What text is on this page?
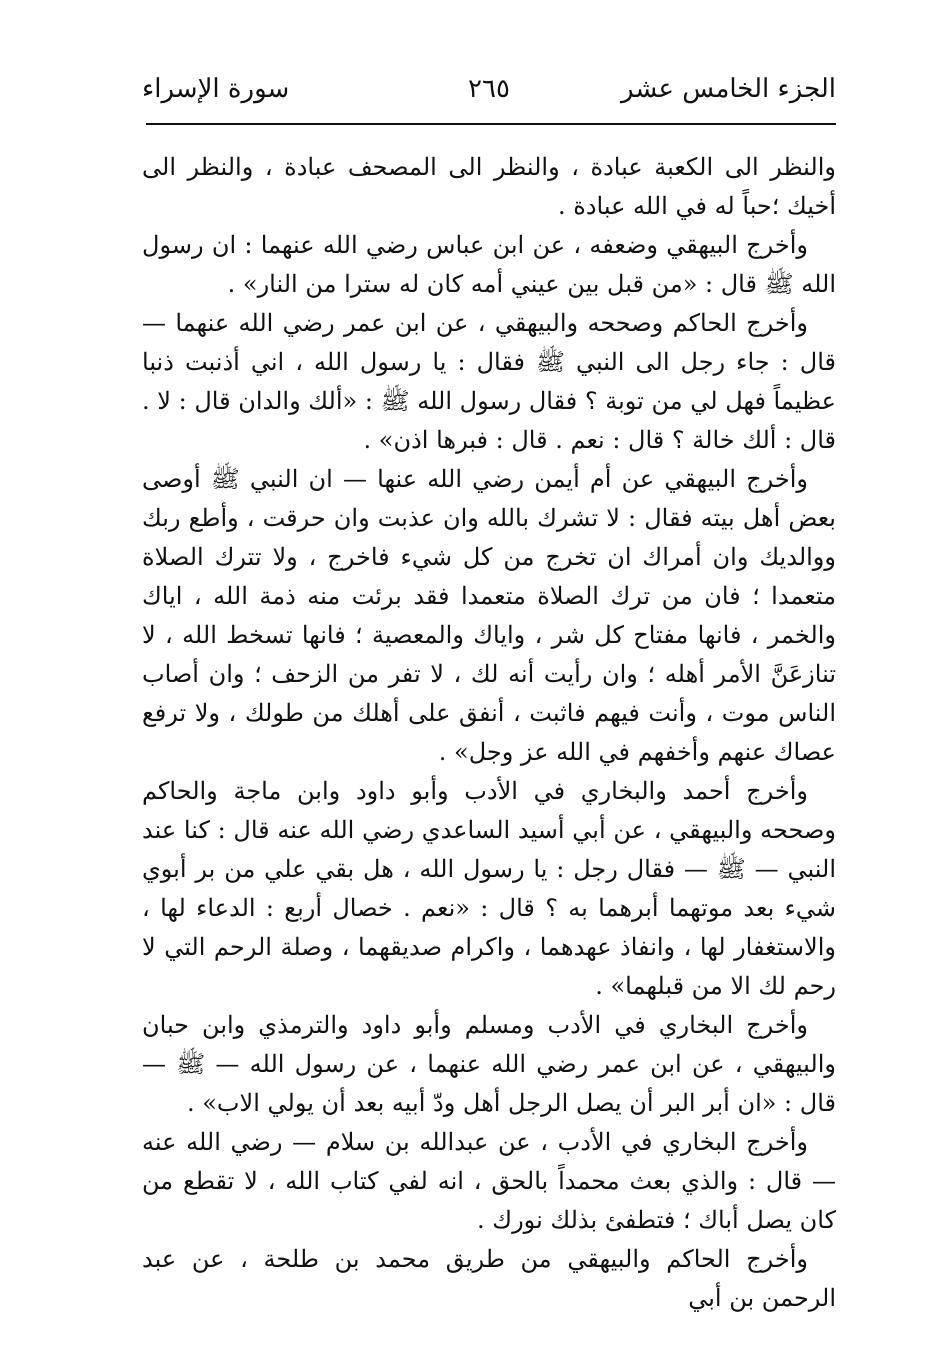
الجزء الخامس عشر
٢٦٥
سورة الإسراء

والنظر الى الكعبة عبادة ، والنظر الى المصحف عبادة ، والنظر الى أخيك ؛حباً له في الله عبادة .

وأخرج البيهقي وضعفه ، عن ابن عباس رضي الله عنهما : ان رسول الله ﷺ قال : «من قبل بين عيني أمه كان له سترا من النار» .

وأخرج الحاكم وصححه والبيهقي ، عن ابن عمر رضي الله عنهما — قال : جاء رجل الى النبي ﷺ فقال : يا رسول الله ، اني أذنبت ذنبا عظيماً فهل لي من توبة ؟ فقال رسول الله ﷺ : «ألك والدان قال : لا . قال : ألك خالة ؟ قال : نعم . قال : فبرها اذن» .

وأخرج البيهقي عن أم أيمن رضي الله عنها — ان النبي ﷺ أوصى بعض أهل بيته فقال : لا تشرك بالله وان عذبت وان حرقت ، وأطع ربك ووالديك وان أمراك ان تخرج من كل شيء فاخرج ، ولا تترك الصلاة متعمدا ؛ فان من ترك الصلاة متعمدا فقد برئت منه ذمة الله ، اياك والخمر ، فانها مفتاح كل شر ، واياك والمعصية ؛ فانها تسخط الله ، لا تنازعَنَّ الأمر أهله ؛ وان رأيت أنه لك ، لا تفر من الزحف ؛ وان أصاب الناس موت ، وأنت فيهم فاثبت ، أنفق على أهلك من طولك ، ولا ترفع عصاك عنهم وأخفهم في الله عز وجل» .

وأخرج أحمد والبخاري في الأدب وأبو داود وابن ماجة والحاكم وصححه والبيهقي ، عن أبي أسيد الساعدي رضي الله عنه قال : كنا عند النبي — ﷺ — فقال رجل : يا رسول الله ، هل بقي علي من بر أبوي شيء بعد موتهما أبرهما به ؟ قال : «نعم . خصال أربع : الدعاء لها ، والاستغفار لها ، وانفاذ عهدهما ، واكرام صديقهما ، وصلة الرحم التي لا رحم لك الا من قبلهما» .

وأخرج البخاري في الأدب ومسلم وأبو داود والترمذي وابن حبان والبيهقي ، عن ابن عمر رضي الله عنهما ، عن رسول الله — ﷺ — قال : «ان أبر البر أن يصل الرجل أهل ودّ أبيه بعد أن يولي الاب» .

وأخرج البخاري في الأدب ، عن عبدالله بن سلام — رضي الله عنه — قال : والذي بعث محمداً بالحق ، انه لفي كتاب الله ، لا تقطع من كان يصل أباك ؛ فتطفئ بذلك نورك .

وأخرج الحاكم والبيهقي من طريق محمد بن طلحة ، عن عبد الرحمن بن أبي
